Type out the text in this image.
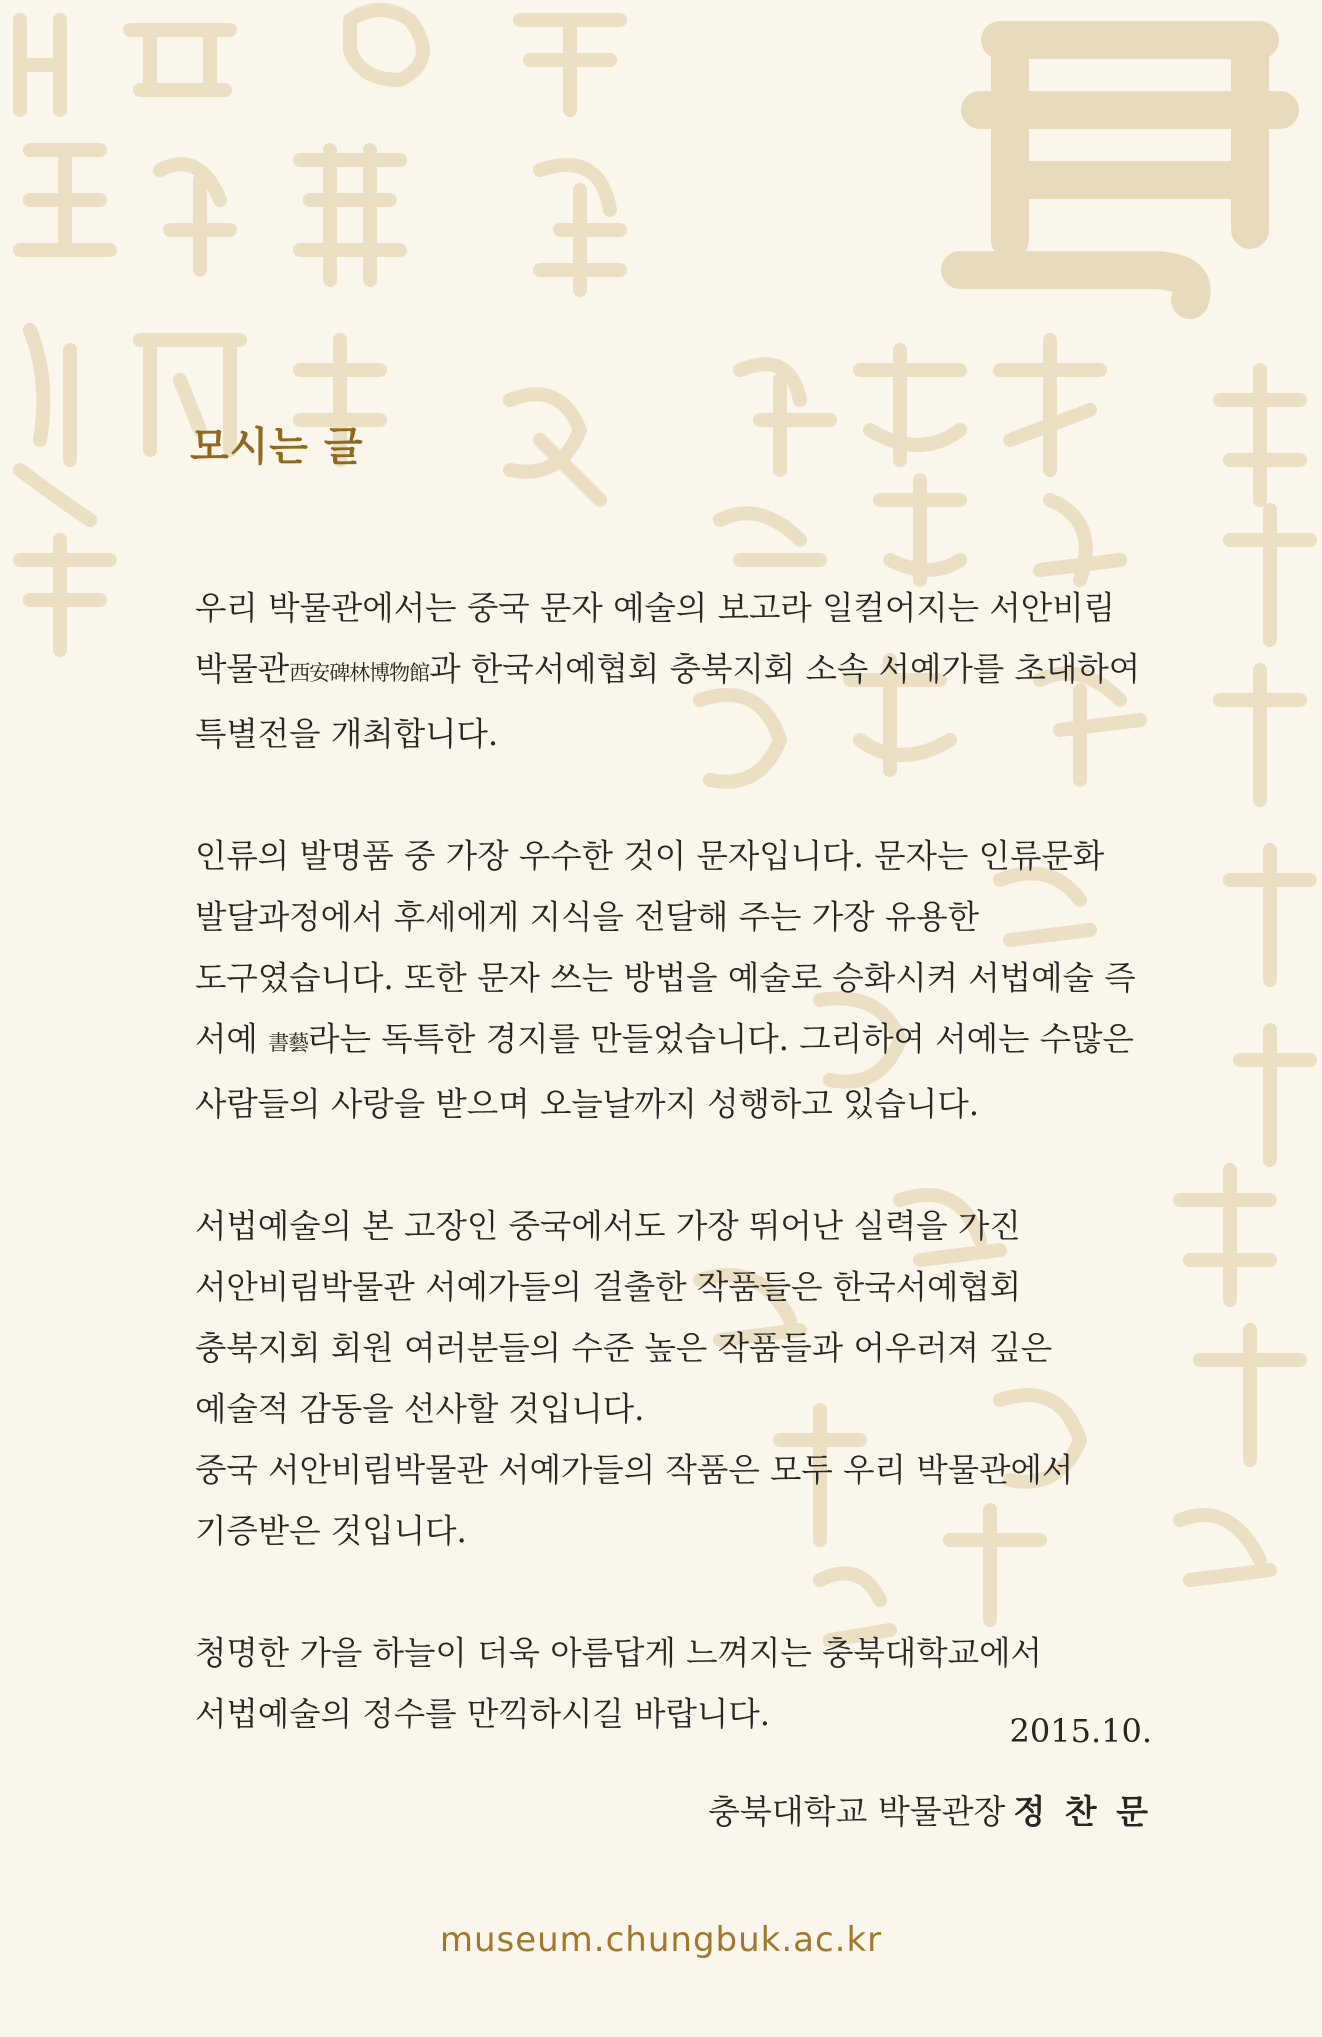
모시는 글

우리 박물관에서는 중국 문자 예술의 보고라 일컬어지는 서안비림 박물관西安碑林博物館과 한국서예협회 충북지회 소속 서예가를 초대하여 특별전을 개최합니다.

인류의 발명품 중 가장 우수한 것이 문자입니다. 문자는 인류문화 발달과정에서 후세에게 지식을 전달해 주는 가장 유용한 도구였습니다. 또한 문자 쓰는 방법을 예술로 승화시켜 서법예술 즉 서예 書藝라는 독특한 경지를 만들었습니다. 그리하여 서예는 수많은 사람들의 사랑을 받으며 오늘날까지 성행하고 있습니다.

서법예술의 본 고장인 중국에서도 가장 뛰어난 실력을 가진 서안비림박물관 서예가들의 걸출한 작품들은 한국서예협회 충북지회 회원 여러분들의 수준 높은 작품들과 어우러져 깊은 예술적 감동을 선사할 것입니다.

중국 서안비림박물관 서예가들의 작품은 모두 우리 박물관에서 기증받은 것입니다.

청명한 가을 하늘이 더욱 아름답게 느껴지는 충북대학교에서 서법예술의 정수를 만끽하시길 바랍니다.	2015.10.
충북대학교 박물관장 정 찬 문
museum.chungbuk.ac.kr
